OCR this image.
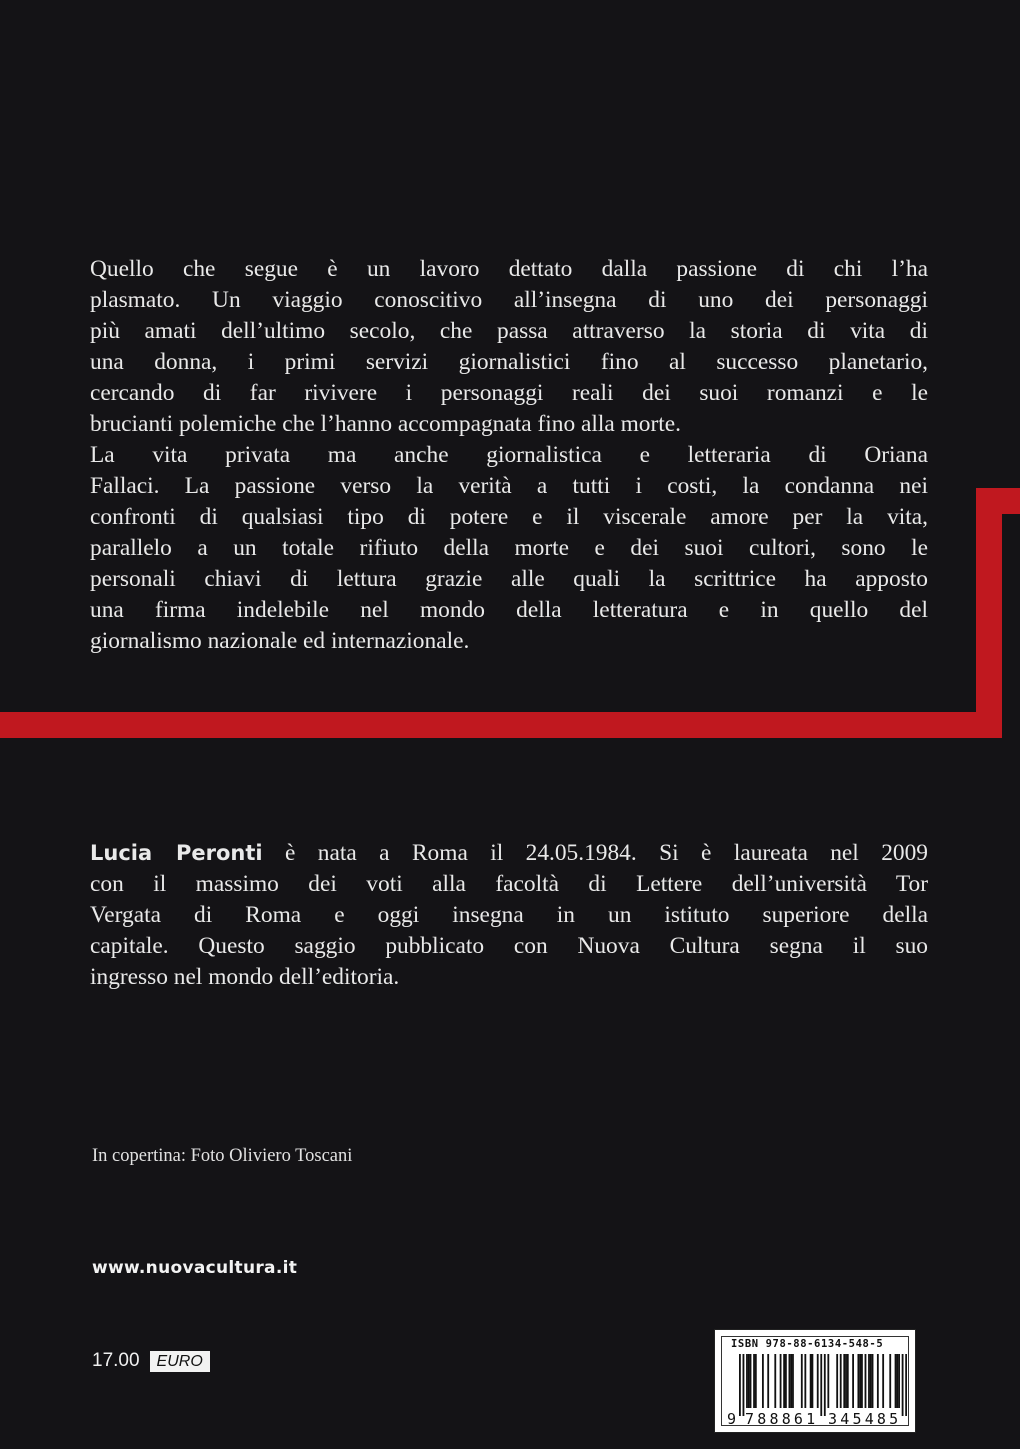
Quello che segue è un lavoro dettato dalla passione di chi l’ha
plasmato. Un viaggio conoscitivo all’insegna di uno dei personaggi
più amati dell’ultimo secolo, che passa attraverso la storia di vita di
una donna, i primi servizi giornalistici fino al successo planetario,
cercando di far rivivere i personaggi reali dei suoi romanzi e le
brucianti polemiche che l’hanno accompagnata fino alla morte.
La vita privata ma anche giornalistica e letteraria di Oriana
Fallaci. La passione verso la verità a tutti i costi, la condanna nei
confronti di qualsiasi tipo di potere e il viscerale amore per la vita,
parallelo a un totale rifiuto della morte e dei suoi cultori, sono le
personali chiavi di lettura grazie alle quali la scrittrice ha apposto
una firma indelebile nel mondo della letteratura e in quello del
giornalismo nazionale ed internazionale.

Lucia Peronti è nata a Roma il 24.05.1984. Si è laureata nel 2009
con il massimo dei voti alla facoltà di Lettere dell’università Tor
Vergata di Roma e oggi insegna in un istituto superiore della
capitale. Questo saggio pubblicato con Nuova Cultura segna il suo
ingresso nel mondo dell’editoria.

In copertina: Foto Oliviero Toscani
www.nuovacultura.it
17.00	EURO
ISBN 978-88-6134-548-5
9 788861 345485
